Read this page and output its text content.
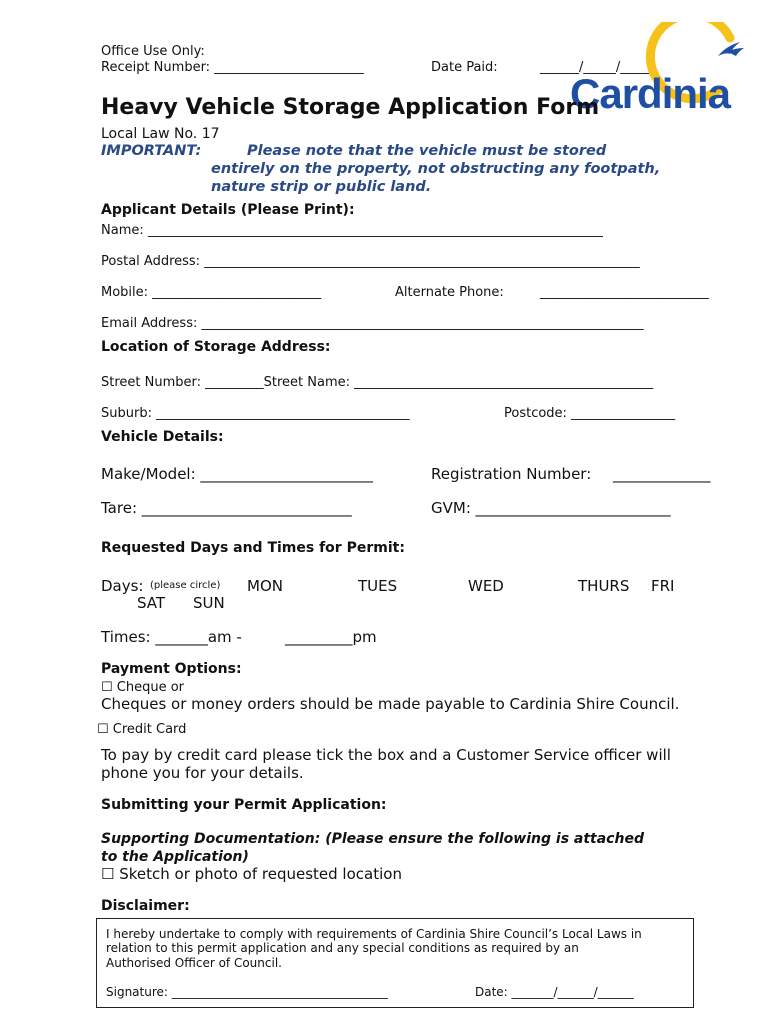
Office Use Only:
Receipt Number: _______________________	Date Paid:	______/_____/_____
Cardinia
Heavy Vehicle Storage Application Form
Local Law No. 17
IMPORTANT:	Please note that the vehicle must be stored
entirely on the property, not obstructing any footpath,
nature strip or public land.
Applicant Details (Please Print):
Name: ______________________________________________________________________
Postal Address: ___________________________________________________________________
Mobile: __________________________	Alternate Phone:	__________________________
Email Address: ____________________________________________________________________
Location of Storage Address:
Street Number: _________Street Name: ______________________________________________
Suburb: _______________________________________	Postcode: ________________
Vehicle Details:
Make/Model: _______________________	Registration Number: _____________
Tare: ____________________________	GVM: __________________________
Requested Days and Times for Permit:
Days: (please circle) MON	TUES	WED	THURS FRI
SAT SUN
Times: _______am -	_________pm
Payment Options:
☐ Cheque or
Cheques or money orders should be made payable to Cardinia Shire Council.
☐ Credit Card
To pay by credit card please tick the box and a Customer Service officer will
phone you for your details.
Submitting your Permit Application:
Supporting Documentation: (Please ensure the following is attached
to the Application)
☐ Sketch or photo of requested location
Disclaimer:
I hereby undertake to comply with requirements of Cardinia Shire Council’s Local Laws in
relation to this permit application and any special conditions as required by an
Authorised Officer of Council.
Signature: ____________________________________	Date: _______/______/______
